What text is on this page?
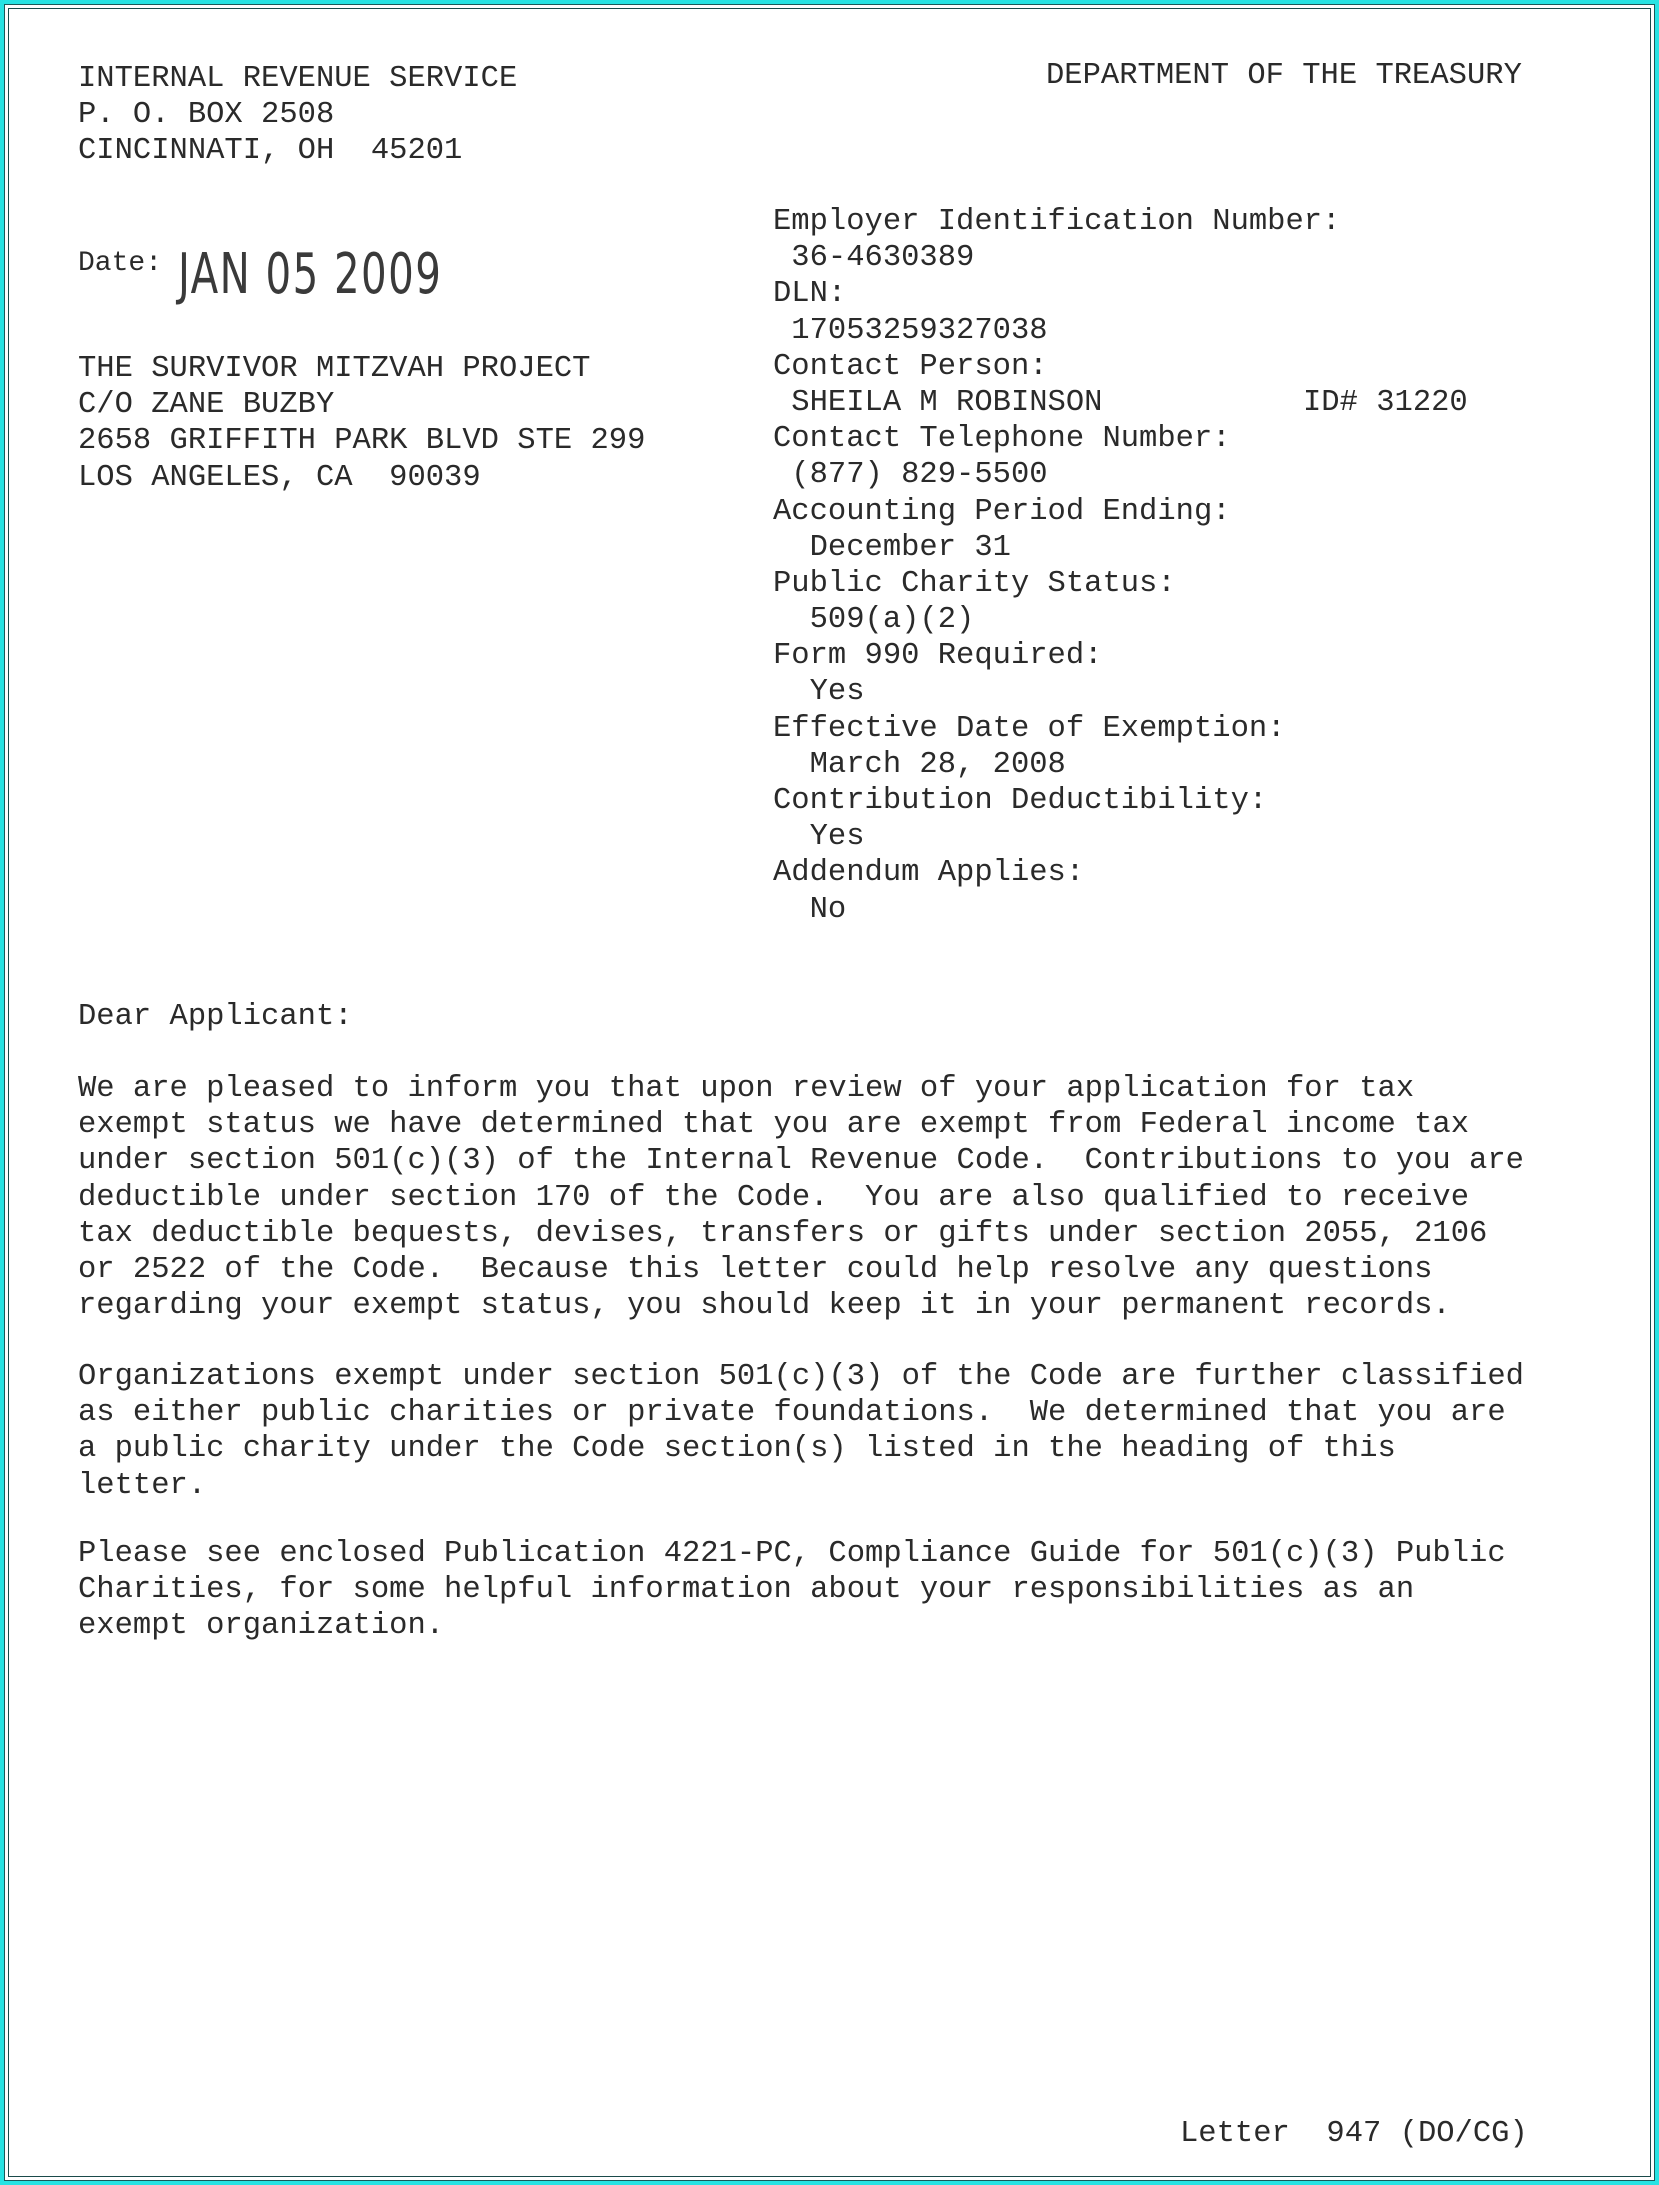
INTERNAL REVENUE SERVICE
P. O. BOX 2508
CINCINNATI, OH  45201
DEPARTMENT OF THE TREASURY
Date: JAN 05 2009
THE SURVIVOR MITZVAH PROJECT
C/O ZANE BUZBY
2658 GRIFFITH PARK BLVD STE 299
LOS ANGELES, CA  90039
Employer Identification Number:
36-4630389
DLN:
17053259327038
Contact Person:
SHEILA M ROBINSON	ID# 31220
Contact Telephone Number:
(877) 829-5500
Accounting Period Ending:
December 31
Public Charity Status:
509(a)(2)
Form 990 Required:
Yes
Effective Date of Exemption:
March 28, 2008
Contribution Deductibility:
Yes
Addendum Applies:
No
Dear Applicant:
We are pleased to inform you that upon review of your application for tax
exempt status we have determined that you are exempt from Federal income tax
under section 501(c)(3) of the Internal Revenue Code.  Contributions to you are
deductible under section 170 of the Code.  You are also qualified to receive
tax deductible bequests, devises, transfers or gifts under section 2055, 2106
or 2522 of the Code.  Because this letter could help resolve any questions
regarding your exempt status, you should keep it in your permanent records.
Organizations exempt under section 501(c)(3) of the Code are further classified
as either public charities or private foundations.  We determined that you are
a public charity under the Code section(s) listed in the heading of this
letter.
Please see enclosed Publication 4221-PC, Compliance Guide for 501(c)(3) Public
Charities, for some helpful information about your responsibilities as an
exempt organization.
Letter  947 (DO/CG)
